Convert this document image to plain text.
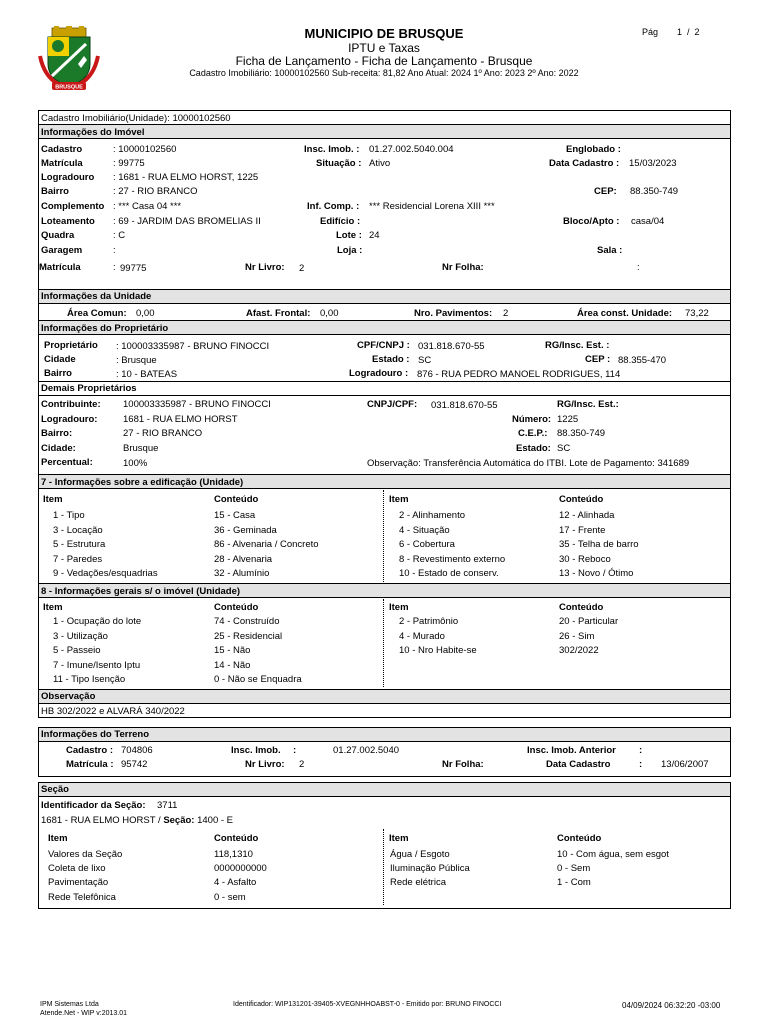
BRUSQUE
MUNICIPIO DE BRUSQUE
IPTU e Taxas
Ficha de Lançamento - Ficha de Lançamento - Brusque
Cadastro Imobiliário: 10000102560 Sub-receita: 81,82 Ano Atual: 2024 1º Ano: 2023 2º Ano: 2022
Pág 1  /  2
Cadastro Imobiliário(Unidade): 10000102560
Informações do Imóvel
Cadastro	: 10000102560	Insc. Imob. : 01.27.002.5040.004	Englobado :
Matrícula	: 99775	Situação : Ativo	Data Cadastro : 15/03/2023
Logradouro : 1681 - RUA ELMO HORST, 1225
Bairro	: 27 - RIO BRANCO	CEP: 88.350-749
Complemento : *** Casa 04 ***	Inf. Comp. : *** Residencial Lorena XIII ***
Loteamento : 69 - JARDIM DAS BROMELIAS II	Edifício :	Bloco/Apto : casa/04
Quadra	: C	Lote : 24
Garagem	:	Loja :	Sala :
Matrícula	: 99775	Nr Livro: 2	Nr Folha:	:
Informações da Unidade
Área Comun: 0,00	Afast. Frontal: 0,00	Nro. Pavimentos: 2	Área const. Unidade: 73,22
Informações do Proprietário
Proprietário : 100003335987 - BRUNO FINOCCI	CPF/CNPJ : 031.818.670-55	RG/Insc. Est. :
Cidade	: Brusque	Estado : SC	CEP : 88.355-470
Bairro	: 10 - BATEAS	Logradouro : 876 - RUA PEDRO MANOEL RODRIGUES, 114
Demais Proprietários
Contribuinte: 100003335987 - BRUNO FINOCCI	CNPJ/CPF: 031.818.670-55	RG/Insc. Est.:
Logradouro:	1681 - RUA ELMO HORST	Número: 1225
Bairro:	27 - RIO BRANCO	C.E.P.: 88.350-749
Cidade:	Brusque	Estado: SC
Percentual:	100%	Observação: Transferência Automática do ITBI. Lote de Pagamento: 341689
7 - Informações sobre a edificação (Unidade)
Item	Conteúdo	Item	Conteúdo
1 - Tipo	15 - Casa
3 - Locação	36 - Geminada
5 - Estrutura	86 - Alvenaria / Concreto
7 - Paredes	28 - Alvenaria
9 - Vedações/esquadrias	32 - Alumínio
2 - Alinhamento	12 - Alinhada
4 - Situação	17 - Frente
6 - Cobertura	35 - Telha de barro
8 - Revestimento externo	30 - Reboco
10 - Estado de conserv.	13 - Novo / Ótimo
8 - Informações gerais s/ o imóvel (Unidade)
Item	Conteúdo	Item	Conteúdo
1 - Ocupação do lote	74 - Construído
3 - Utilização	25 - Residencial
5 - Passeio	15 - Não
7 - Imune/Isento Iptu	14 - Não
11 - Tipo Isenção	0 - Não se Enquadra
2 - Patrimônio	20 - Particular
4 - Murado	26 - Sim
10 - Nro Habite-se	302/2022
Observação
HB 302/2022 e ALVARÁ 340/2022
Informações do Terreno
Cadastro : 704806	Insc. Imob. :	01.27.002.5040	Insc. Imob. Anterior :
Matrícula : 95742	Nr Livro: 2	Nr Folha:	Data Cadastro	: 13/06/2007
Seção
Identificador da Seção: 3711
1681 - RUA ELMO HORST / Seção: 1400 - E
Item	Conteúdo	Item	Conteúdo
Valores da Seção	118,1310
Coleta de lixo	0000000000
Pavimentação	4 - Asfalto
Rede Telefônica	0 - sem
Água / Esgoto	10 - Com água, sem esgot
Iluminação Pública	0 - Sem
Rede elétrica	1 - Com
IPM Sistemas Ltda
Atende.Net - WIP v:2013.01
Identificador: WIP131201-39405-XVEGNHHOABST-0 - Emitido por: BRUNO FINOCCI	04/09/2024 06:32:20 -03:00
